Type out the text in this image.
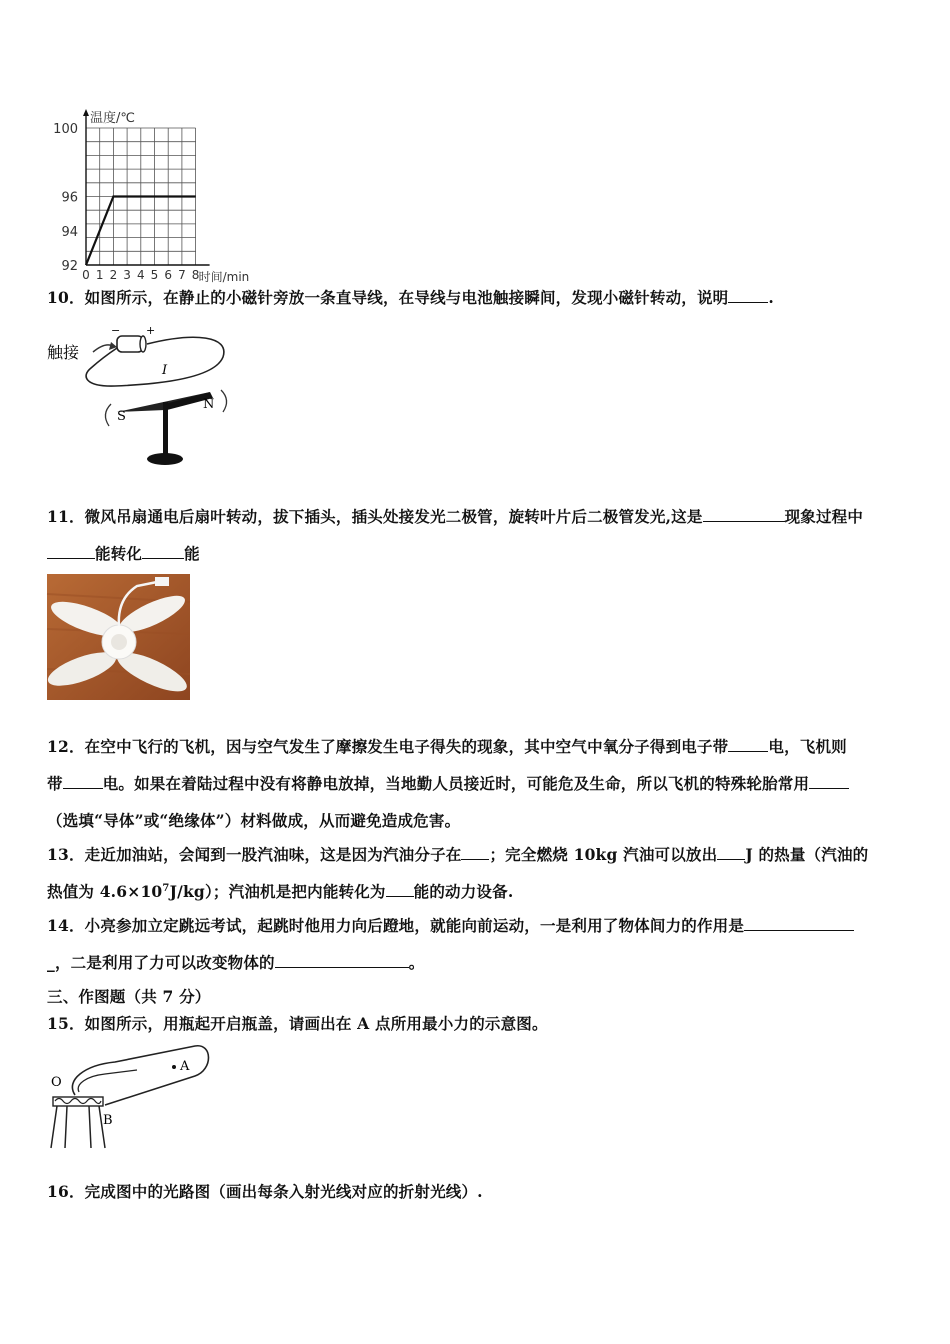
100
96
94
92
0 1 2 3 4 5 6 7 8
温度/℃
时间/min
10．如图所示，在静止的小磁针旁放一条直导线，在导线与电池触接瞬间，发现小磁针转动，说明	.
触接
− +
I
S
N
11．微风吊扇通电后扇叶转动，拔下插头，插头处接发光二极管，旋转叶片后二极管发光,这是	现象过程中
能转化	能
12．在空中飞行的飞机，因与空气发生了摩擦发生电子得失的现象，其中空气中氧分子得到电子带	电，飞机则
带	电。如果在着陆过程中没有将静电放掉，当地勤人员接近时，可能危及生命，所以飞机的特殊轮胎常用
（选填“导体”或“绝缘体”）材料做成，从而避免造成危害。
13．走近加油站，会闻到一股汽油味，这是因为汽油分子在 ；完全燃烧 10kg 汽油可以放出 J 的热量（汽油的
热值为 $4.6\times 10^7J/kg$）；汽油机是把内能转化为 能的动力设备.
14．小亮参加立定跳远考试，起跳时他用力向后蹬地，就能向前运动，一是利用了物体间力的作用是
_，二是利用了力可以改变物体的	。
三、作图题（共 7 分）
15．如图所示，用瓶起开启瓶盖，请画出在 A 点所用最小力的示意图。
O
A
B
16．完成图中的光路图（画出每条入射光线对应的折射光线）.
